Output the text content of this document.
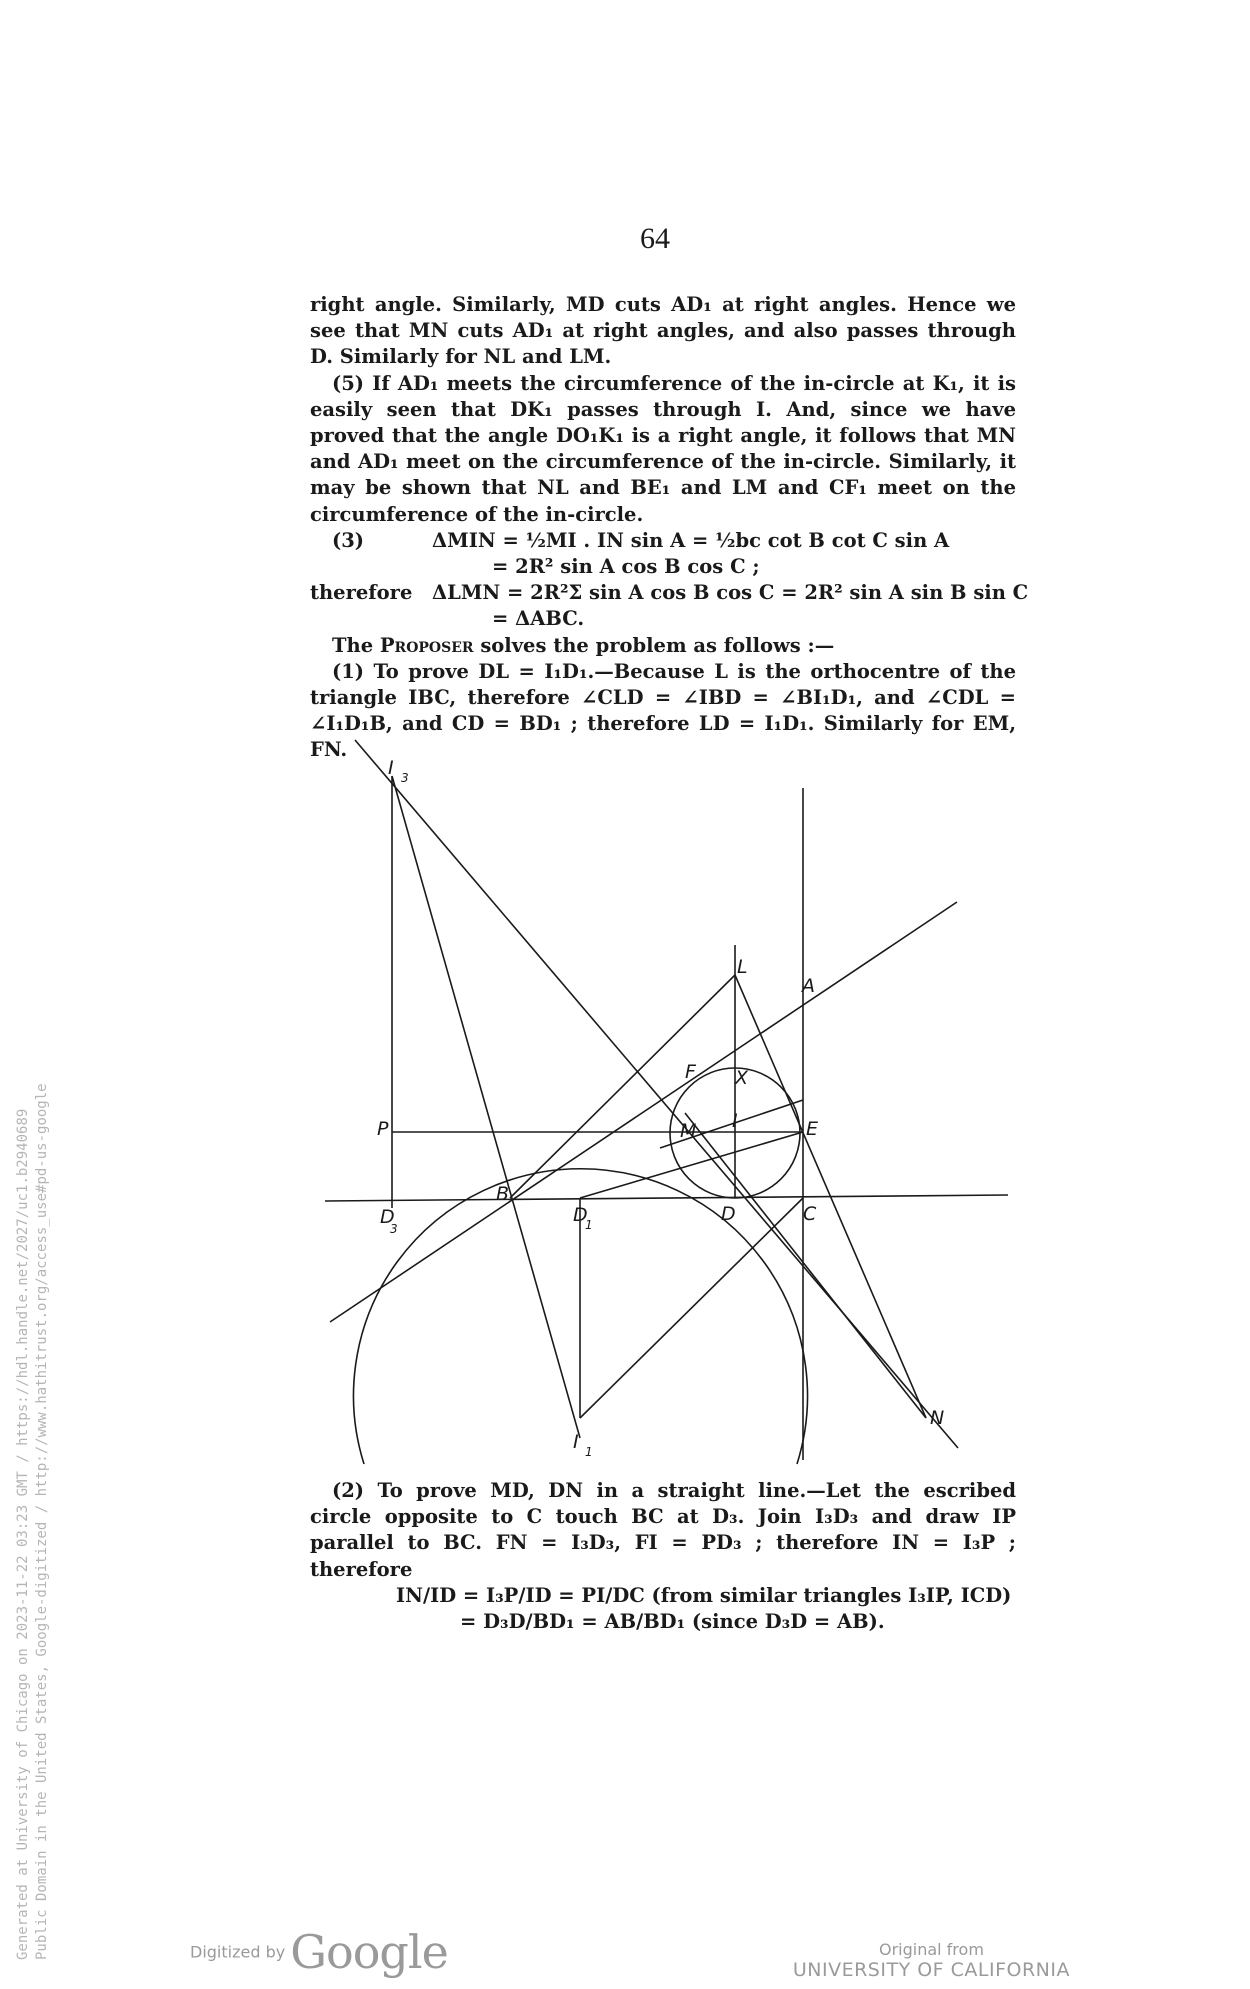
64

right angle. Similarly, MD cuts AD₁ at right angles. Hence we see that MN cuts AD₁ at right angles, and also passes through D. Similarly for NL and LM.

(5) If AD₁ meets the circumference of the in-circle at K₁, it is easily seen that DK₁ passes through I. And, since we have proved that the angle DO₁K₁ is a right angle, it follows that MN and AD₁ meet on the circumference of the in-circle. Similarly, it may be shown that NL and BE₁ and LM and CF₁ meet on the circumference of the in-circle.

(3)	ΔMIN = ½MI . IN sin A = ½bc cot B cot C sin A
= 2R² sin A cos B cos C ;
therefore ΔLMN = 2R²Σ sin A cos B cos C = 2R² sin A sin B sin C
= ΔABC.

The Proposer solves the problem as follows :—

(1) To prove DL = I₁D₁.—Because L is the orthocentre of the triangle IBC, therefore ∠CLD = ∠IBD = ∠BI₁D₁, and ∠CDL = ∠I₁D₁B, and CD = BD₁ ; therefore LD = I₁D₁. Similarly for EM, FN.

I 3
L
A
F X
M I	E
P
B
D
1	D	C
D
3
I 1
N

(2) To prove MD, DN in a straight line.—Let the escribed circle opposite to C touch BC at D₃. Join I₃D₃ and draw IP parallel to BC. FN = I₃D₃, FI = PD₃ ; therefore IN = I₃P ; therefore

IN/ID = I₃P/ID = PI/DC (from similar triangles I₃IP, ICD)
= D₃D/BD₁ = AB/BD₁ (since D₃D = AB).
Generated at University of Chicago on 2023-11-22 03:23 GMT / https://hdl.handle.net/2027/uc1.b2940689 Public Domain in the United States, Google-digitized / http://www.hathitrust.org/access_use#pd-us-google	Digitized by Google	Original from
UNIVERSITY OF CALIFORNIA
